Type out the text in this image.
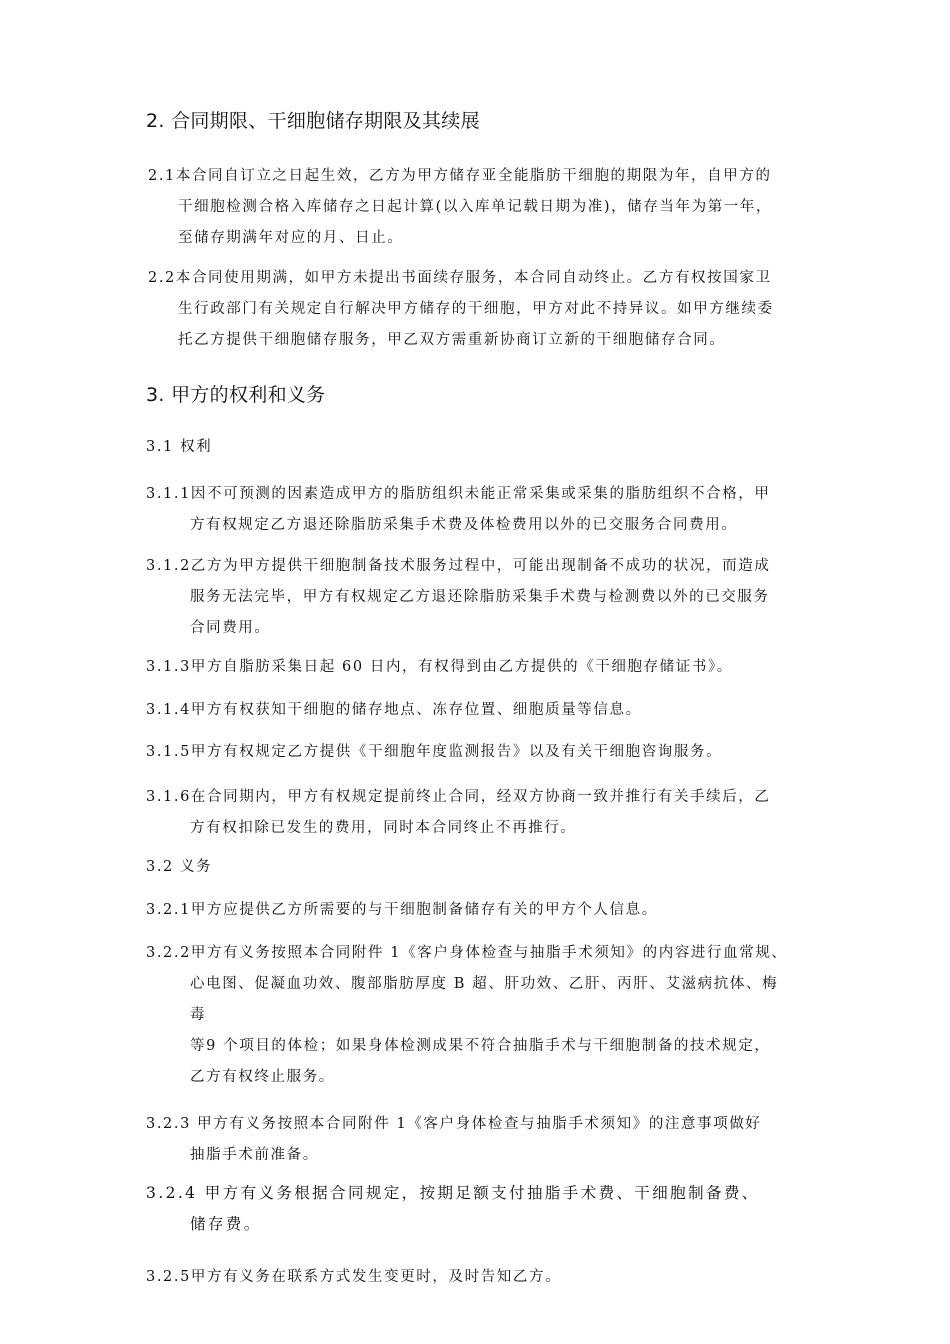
2. 合同期限、干细胞储存期限及其续展
2.1本合同自订立之日起生效，乙方为甲方储存亚全能脂肪干细胞的期限为年，自甲方的
干细胞检测合格入库储存之日起计算(以入库单记载日期为准)，储存当年为第一年，
至储存期满年对应的月、日止。
2.2本合同使用期满，如甲方未提出书面续存服务，本合同自动终止。乙方有权按国家卫
生行政部门有关规定自行解决甲方储存的干细胞，甲方对此不持异议。如甲方继续委
托乙方提供干细胞储存服务，甲乙双方需重新协商订立新的干细胞储存合同。
3. 甲方的权利和义务
3.1 权利
3.1.1因不可预测的因素造成甲方的脂肪组织未能正常采集或采集的脂肪组织不合格，甲
方有权规定乙方退还除脂肪采集手术费及体检费用以外的已交服务合同费用。
3.1.2乙方为甲方提供干细胞制备技术服务过程中，可能出现制备不成功的状况，而造成
服务无法完毕，甲方有权规定乙方退还除脂肪采集手术费与检测费以外的已交服务
合同费用。
3.1.3甲方自脂肪采集日起 60 日内，有权得到由乙方提供的《干细胞存储证书》。
3.1.4甲方有权获知干细胞的储存地点、冻存位置、细胞质量等信息。
3.1.5甲方有权规定乙方提供《干细胞年度监测报告》以及有关干细胞咨询服务。
3.1.6在合同期内，甲方有权规定提前终止合同，经双方协商一致并推行有关手续后，乙
方有权扣除已发生的费用，同时本合同终止不再推行。
3.2 义务
3.2.1甲方应提供乙方所需要的与干细胞制备储存有关的甲方个人信息。
3.2.2甲方有义务按照本合同附件 1《客户身体检查与抽脂手术须知》的内容进行血常规、
心电图、促凝血功效、腹部脂肪厚度 B 超、肝功效、乙肝、丙肝、艾滋病抗体、梅
毒
等9 个项目的体检；如果身体检测成果不符合抽脂手术与干细胞制备的技术规定，
乙方有权终止服务。
3.2.3 甲方有义务按照本合同附件 1《客户身体检查与抽脂手术须知》的注意事项做好
抽脂手术前准备。
3.2.4 甲方有义务根据合同规定，按期足额支付抽脂手术费、干细胞制备费、
储存费。
3.2.5甲方有义务在联系方式发生变更时，及时告知乙方。
